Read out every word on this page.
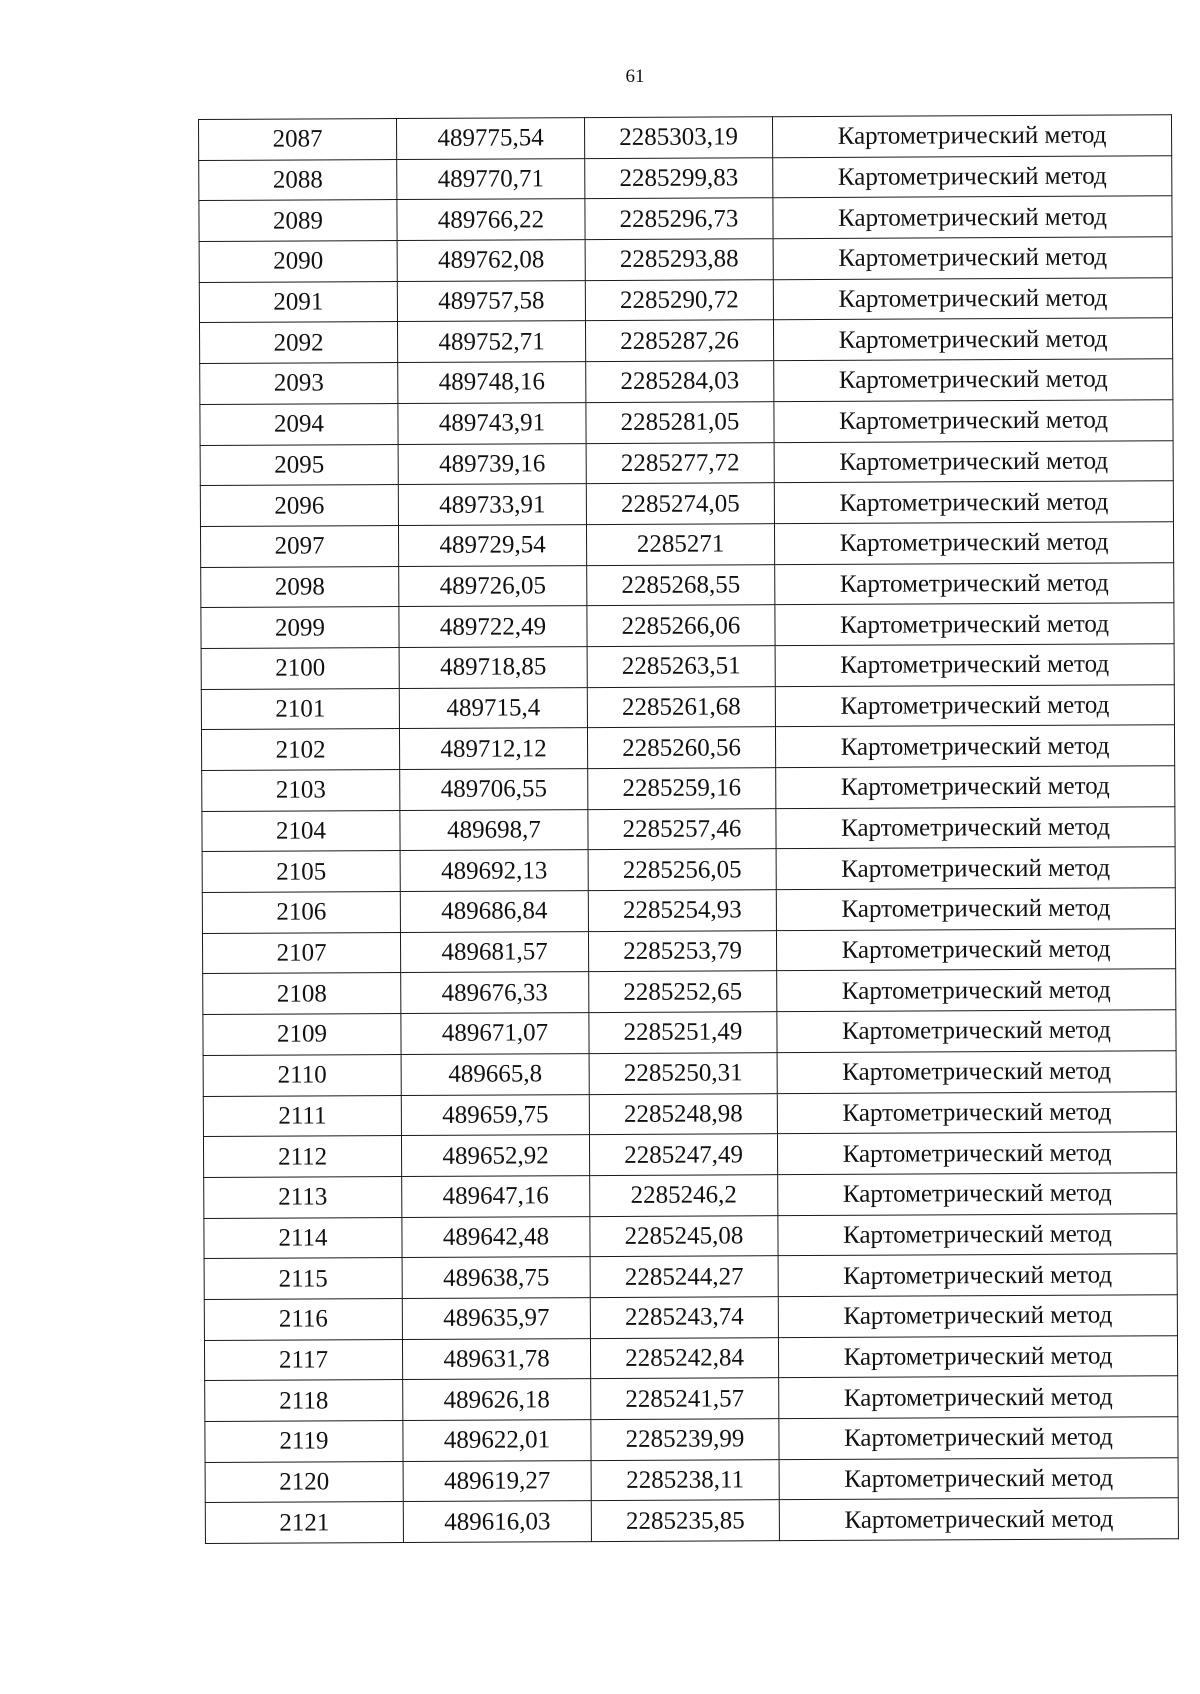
61
2087	489775,54	2285303,19	Картометрический метод
2088	489770,71	2285299,83	Картометрический метод
2089	489766,22	2285296,73	Картометрический метод
2090	489762,08	2285293,88	Картометрический метод
2091	489757,58	2285290,72	Картометрический метод
2092	489752,71	2285287,26	Картометрический метод
2093	489748,16	2285284,03	Картометрический метод
2094	489743,91	2285281,05	Картометрический метод
2095	489739,16	2285277,72	Картометрический метод
2096	489733,91	2285274,05	Картометрический метод
2097	489729,54	2285271	Картометрический метод
2098	489726,05	2285268,55	Картометрический метод
2099	489722,49	2285266,06	Картометрический метод
2100	489718,85	2285263,51	Картометрический метод
2101	489715,4	2285261,68	Картометрический метод
2102	489712,12	2285260,56	Картометрический метод
2103	489706,55	2285259,16	Картометрический метод
2104	489698,7	2285257,46	Картометрический метод
2105	489692,13	2285256,05	Картометрический метод
2106	489686,84	2285254,93	Картометрический метод
2107	489681,57	2285253,79	Картометрический метод
2108	489676,33	2285252,65	Картометрический метод
2109	489671,07	2285251,49	Картометрический метод
2110	489665,8	2285250,31	Картометрический метод
2111	489659,75	2285248,98	Картометрический метод
2112	489652,92	2285247,49	Картометрический метод
2113	489647,16	2285246,2	Картометрический метод
2114	489642,48	2285245,08	Картометрический метод
2115	489638,75	2285244,27	Картометрический метод
2116	489635,97	2285243,74	Картометрический метод
2117	489631,78	2285242,84	Картометрический метод
2118	489626,18	2285241,57	Картометрический метод
2119	489622,01	2285239,99	Картометрический метод
2120	489619,27	2285238,11	Картометрический метод
2121	489616,03	2285235,85	Картометрический метод
